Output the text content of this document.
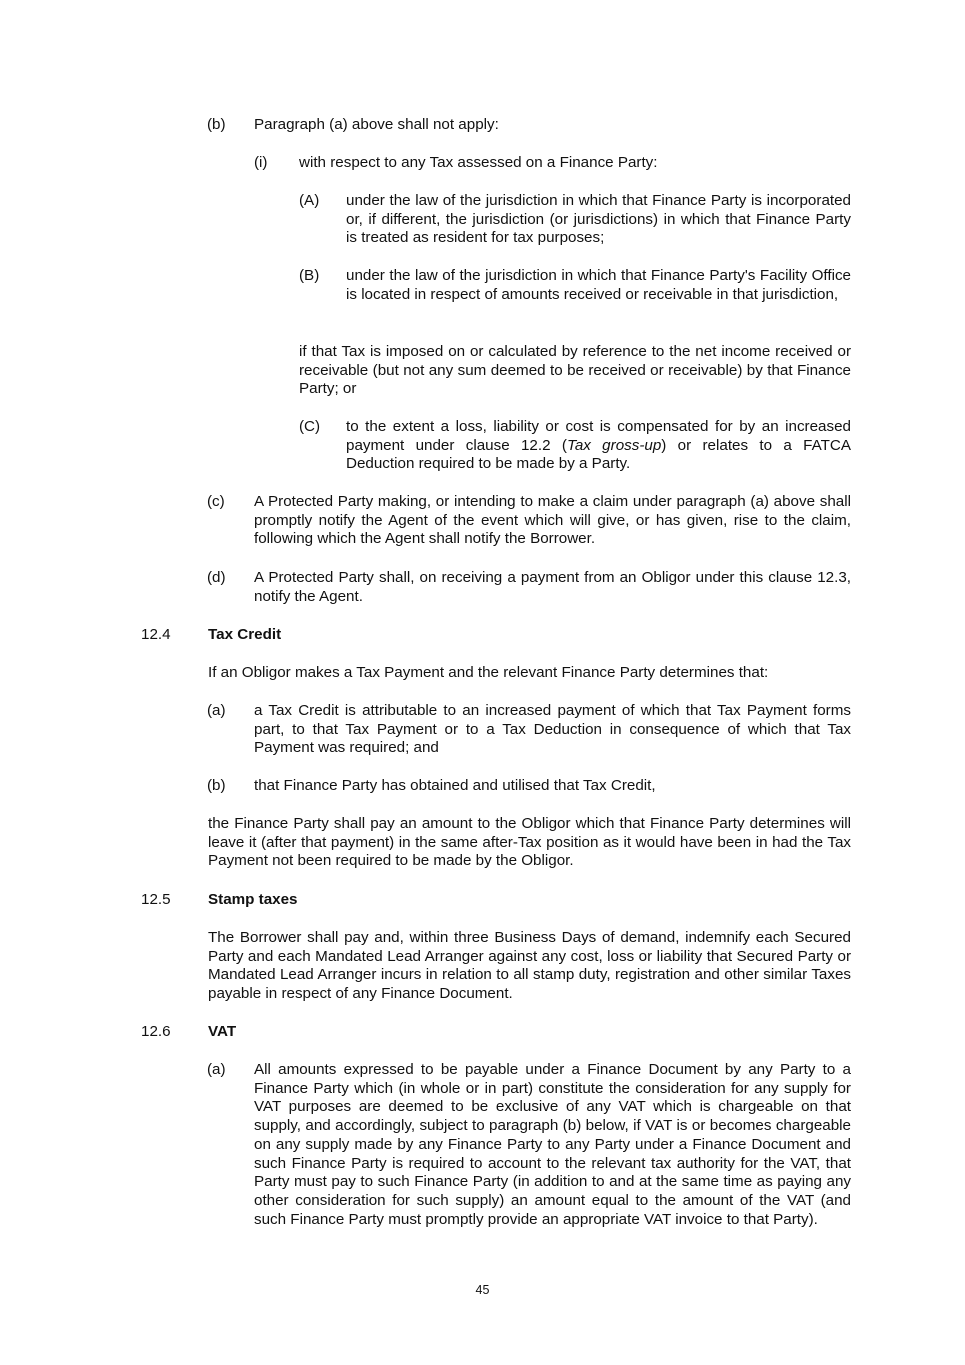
(b) Paragraph (a) above shall not apply:
(i) with respect to any Tax assessed on a Finance Party:
(A) under the law of the jurisdiction in which that Finance Party is incorporated or, if different, the jurisdiction (or jurisdictions) in which that Finance Party is treated as resident for tax purposes;
(B) under the law of the jurisdiction in which that Finance Party's Facility Office is located in respect of amounts received or receivable in that jurisdiction,
if that Tax is imposed on or calculated by reference to the net income received or receivable (but not any sum deemed to be received or receivable) by that Finance Party; or
(C) to the extent a loss, liability or cost is compensated for by an increased payment under clause 12.2 (Tax gross-up) or relates to a FATCA Deduction required to be made by a Party.
(c) A Protected Party making, or intending to make a claim under paragraph (a) above shall promptly notify the Agent of the event which will give, or has given, rise to the claim, following which the Agent shall notify the Borrower.
(d) A Protected Party shall, on receiving a payment from an Obligor under this clause 12.3, notify the Agent.
12.4 Tax Credit
If an Obligor makes a Tax Payment and the relevant Finance Party determines that:
(a) a Tax Credit is attributable to an increased payment of which that Tax Payment forms part, to that Tax Payment or to a Tax Deduction in consequence of which that Tax Payment was required; and
(b) that Finance Party has obtained and utilised that Tax Credit,
the Finance Party shall pay an amount to the Obligor which that Finance Party determines will leave it (after that payment) in the same after-Tax position as it would have been in had the Tax Payment not been required to be made by the Obligor.
12.5 Stamp taxes
The Borrower shall pay and, within three Business Days of demand, indemnify each Secured Party and each Mandated Lead Arranger against any cost, loss or liability that Secured Party or Mandated Lead Arranger incurs in relation to all stamp duty, registration and other similar Taxes payable in respect of any Finance Document.
12.6 VAT
(a) All amounts expressed to be payable under a Finance Document by any Party to a Finance Party which (in whole or in part) constitute the consideration for any supply for VAT purposes are deemed to be exclusive of any VAT which is chargeable on that supply, and accordingly, subject to paragraph (b) below, if VAT is or becomes chargeable on any supply made by any Finance Party to any Party under a Finance Document and such Finance Party is required to account to the relevant tax authority for the VAT, that Party must pay to such Finance Party (in addition to and at the same time as paying any other consideration for such supply) an amount equal to the amount of the VAT (and such Finance Party must promptly provide an appropriate VAT invoice to that Party).
45
